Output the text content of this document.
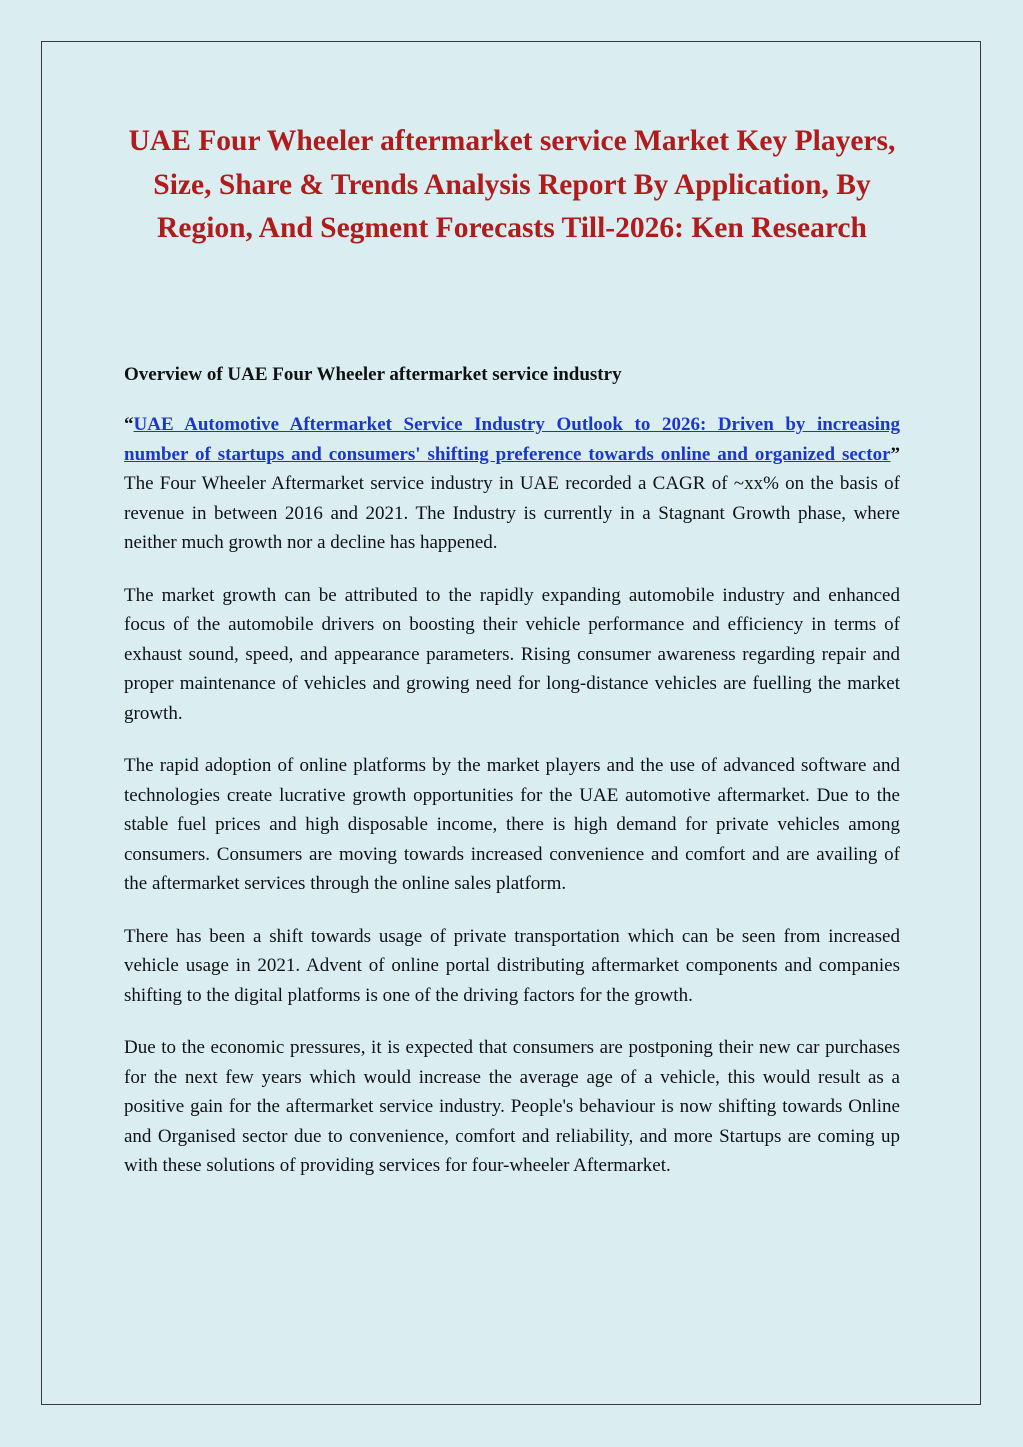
UAE Four Wheeler aftermarket service Market Key Players, Size, Share & Trends Analysis Report By Application, By Region, And Segment Forecasts Till-2026: Ken Research
Overview of UAE Four Wheeler aftermarket service industry

“UAE Automotive Aftermarket Service Industry Outlook to 2026: Driven by increasing number of startups and consumers' shifting preference towards online and organized sector” The Four Wheeler Aftermarket service industry in UAE recorded a CAGR of ~xx% on the basis of revenue in between 2016 and 2021. The Industry is currently in a Stagnant Growth phase, where neither much growth nor a decline has happened.

The market growth can be attributed to the rapidly expanding automobile industry and enhanced focus of the automobile drivers on boosting their vehicle performance and efficiency in terms of exhaust sound, speed, and appearance parameters. Rising consumer awareness regarding repair and proper maintenance of vehicles and growing need for long-distance vehicles are fuelling the market growth.

The rapid adoption of online platforms by the market players and the use of advanced software and technologies create lucrative growth opportunities for the UAE automotive aftermarket. Due to the stable fuel prices and high disposable income, there is high demand for private vehicles among consumers. Consumers are moving towards increased convenience and comfort and are availing of the aftermarket services through the online sales platform.

There has been a shift towards usage of private transportation which can be seen from increased vehicle usage in 2021. Advent of online portal distributing aftermarket components and companies shifting to the digital platforms is one of the driving factors for the growth.

Due to the economic pressures, it is expected that consumers are postponing their new car purchases for the next few years which would increase the average age of a vehicle, this would result as a positive gain for the aftermarket service industry. People's behaviour is now shifting towards Online and Organised sector due to convenience, comfort and reliability, and more Startups are coming up with these solutions of providing services for four-wheeler Aftermarket.
